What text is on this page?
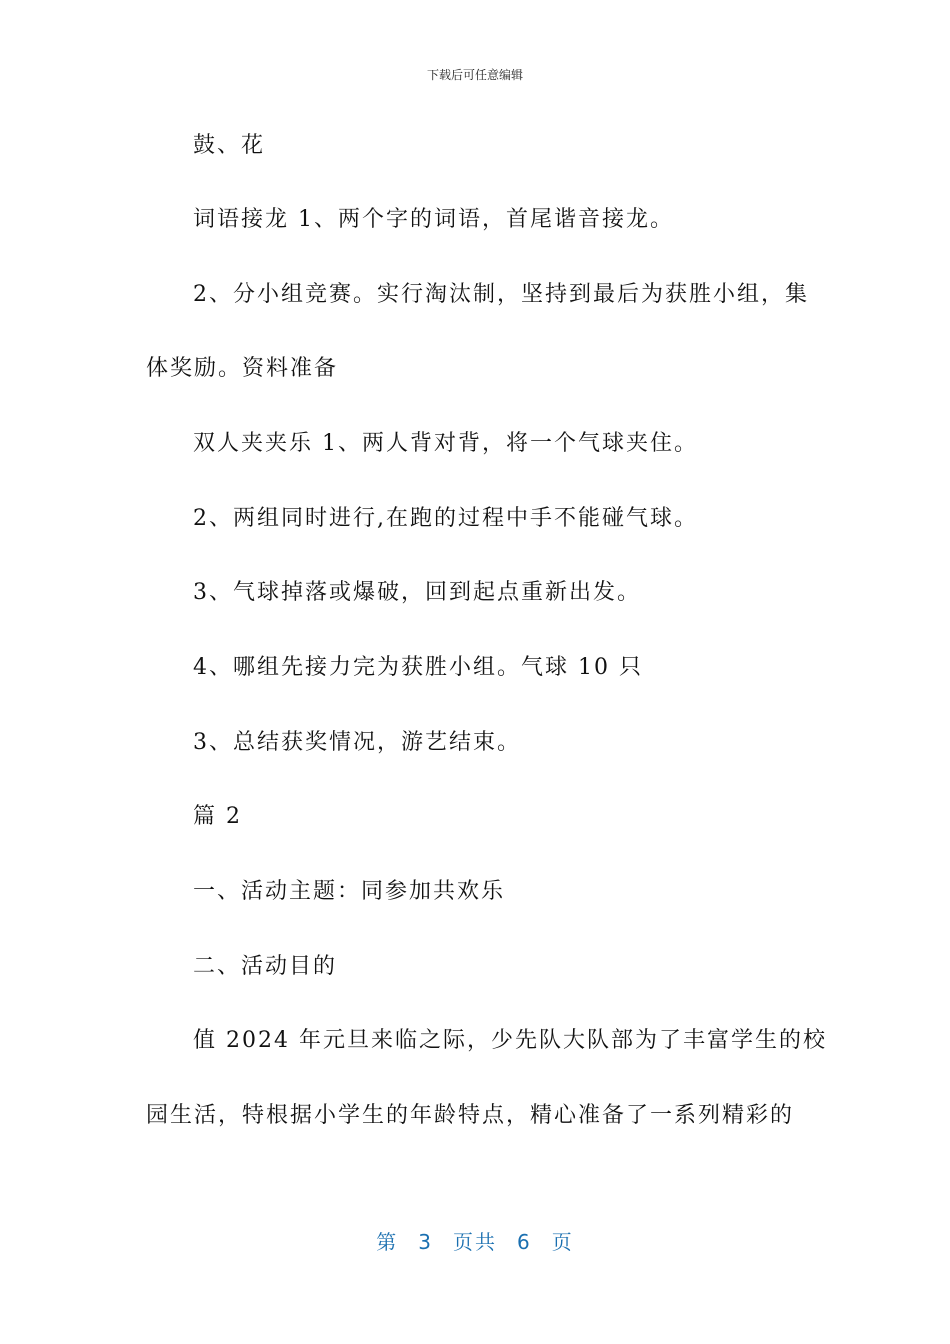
下载后可任意编辑
鼓、花
词语接龙 1、两个字的词语，首尾谐音接龙。
2、分小组竞赛。实行淘汰制，坚持到最后为获胜小组，集
体奖励。资料准备
双人夹夹乐 1、两人背对背，将一个气球夹住。
2、两组同时进行,在跑的过程中手不能碰气球。
3、气球掉落或爆破，回到起点重新出发。
4、哪组先接力完为获胜小组。气球 10 只
3、总结获奖情况，游艺结束。
篇 2
一、活动主题：同参加共欢乐
二、活动目的
值 2024 年元旦来临之际，少先队大队部为了丰富学生的校
园生活，特根据小学生的年龄特点，精心准备了一系列精彩的
第 3 页共 6 页
